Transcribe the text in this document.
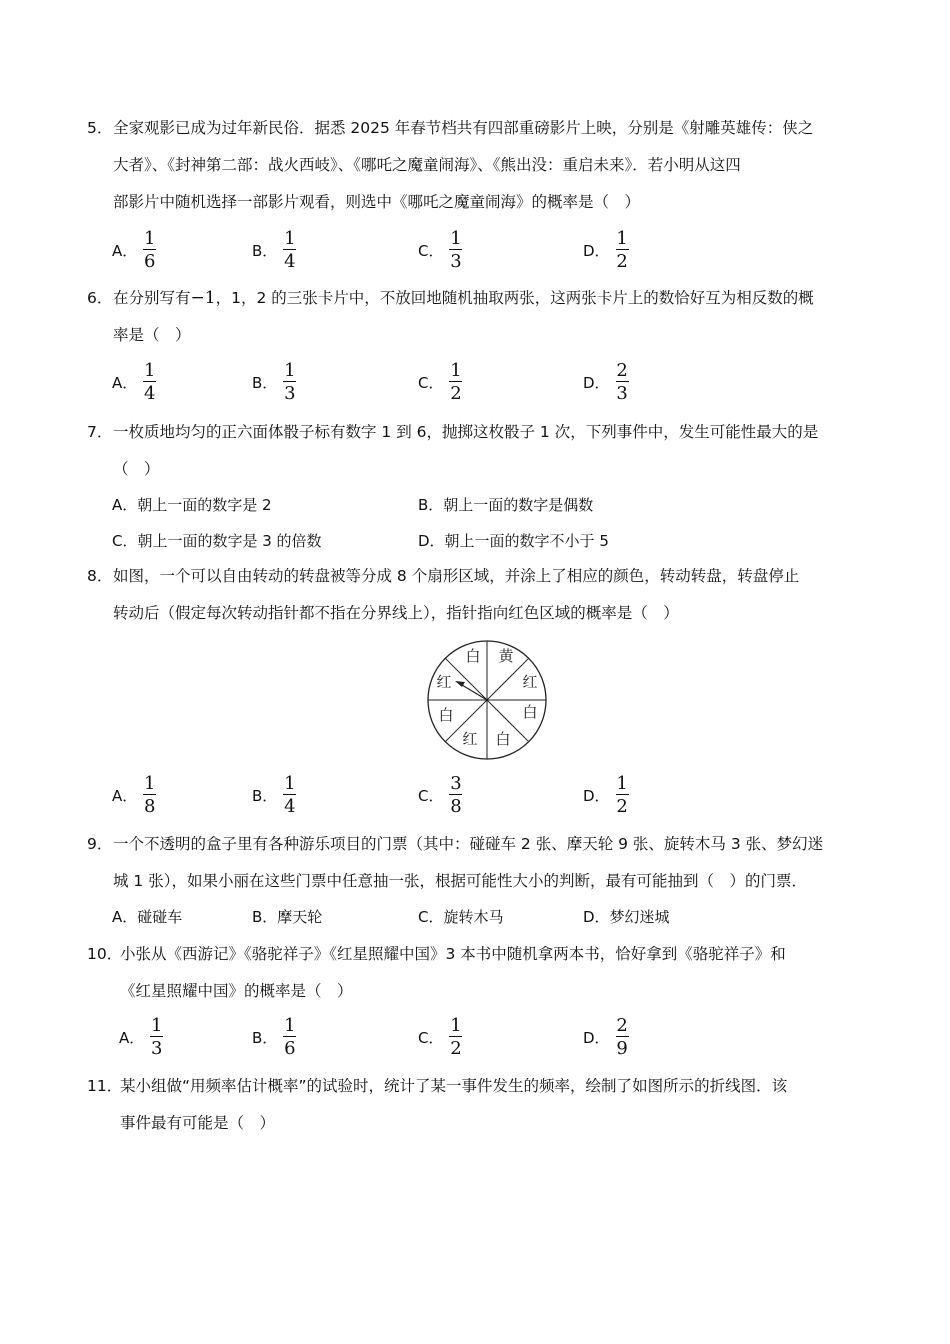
5． 全家观影已成为过年新民俗．据悉 2025 年春节档共有四部重磅影片上映，分别是《射雕英雄传：侠之
大者》、《封神第二部：战火西岐》、《哪吒之魔童闹海》、《熊出没：重启未来》．若小明从这四
部影片中随机选择一部影片观看，则选中《哪吒之魔童闹海》的概率是（　）
A． $\frac{1}{6}$	B． $\frac{1}{4}$	C． $\frac{1}{3}$	D． $\frac{1}{2}$
6． 在分别写有−1，1，2 的三张卡片中，不放回地随机抽取两张，这两张卡片上的数恰好互为相反数的概
率是（　）
A． $\frac{1}{4}$	B． $\frac{1}{3}$	C． $\frac{1}{2}$	D． $\frac{2}{3}$
7． 一枚质地均匀的正六面体骰子标有数字 1 到 6，抛掷这枚骰子 1 次，下列事件中，发生可能性最大的是
（　）
A．朝上一面的数字是 2	B．朝上一面的数字是偶数
C．朝上一面的数字是 3 的倍数	D．朝上一面的数字不小于 5
8． 如图，一个可以自由转动的转盘被等分成 8 个扇形区域，并涂上了相应的颜色，转动转盘，转盘停止
转动后（假定每次转动指针都不指在分界线上），指针指向红色区域的概率是（　）
黄
红
白
白
红
白
红
白
A． $\frac{1}{8}$	B． $\frac{1}{4}$	C． $\frac{3}{8}$	D． $\frac{1}{2}$
9． 一个不透明的盒子里有各种游乐项目的门票（其中：碰碰车 2 张、摩天轮 9 张、旋转木马 3 张、梦幻迷
城 1 张），如果小丽在这些门票中任意抽一张，根据可能性大小的判断，最有可能抽到（　）的门票．
A．碰碰车	B．摩天轮	C．旋转木马	D．梦幻迷城
10．
小张从《西游记》《骆驼祥子》《红星照耀中国》3 本书中随机拿两本书，恰好拿到《骆驼祥子》和
《红星照耀中国》的概率是（　）
A． $\frac{1}{3}$	B． $\frac{1}{6}$	C． $\frac{1}{2}$	D． $\frac{2}{9}$
11．
某小组做“用频率估计概率”的试验时，统计了某一事件发生的频率，绘制了如图所示的折线图．该
事件最有可能是（　）
